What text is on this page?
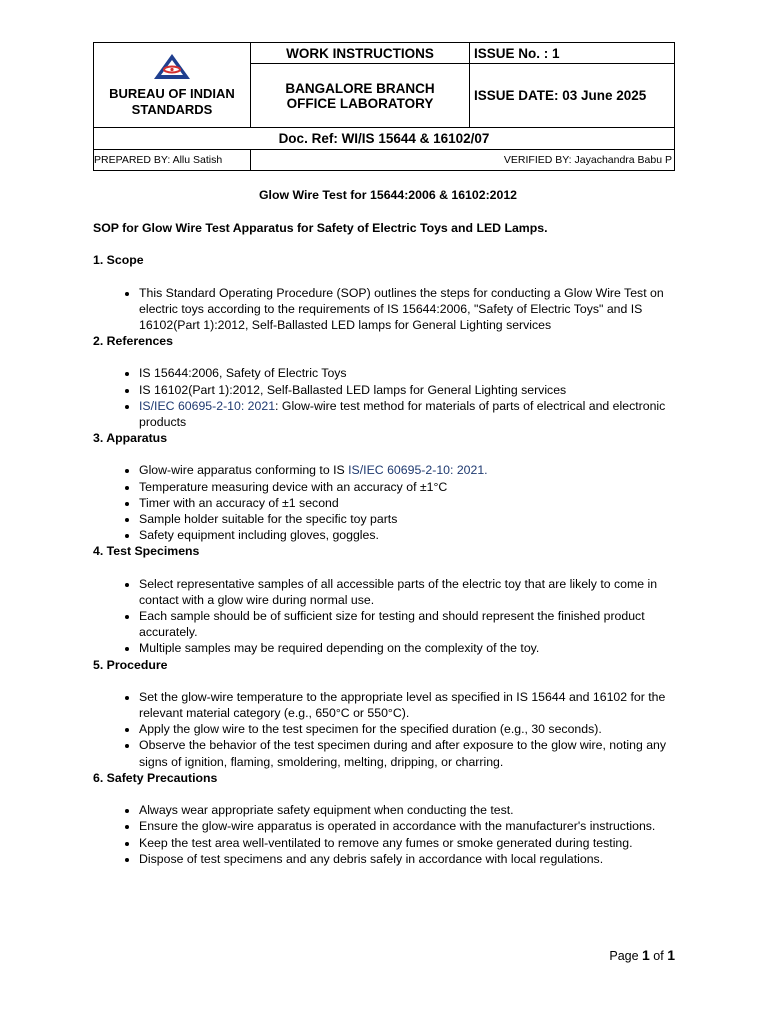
BUREAU OF INDIAN
STANDARDS	WORK INSTRUCTIONS	ISSUE No. : 1

	BANGALORE BRANCH
OFFICE LABORATORY	ISSUE DATE: 03 June 2025
Doc. Ref: WI/IS 15644 & 16102/07		
PREPARED BY: Allu Satish	VERIFIED BY: Jayachandra Babu P	
Glow Wire Test for 15644:2006 & 16102:2012
SOP for Glow Wire Test Apparatus for Safety of Electric Toys and LED Lamps.
1. Scope
• This Standard Operating Procedure (SOP) outlines the steps for conducting a Glow Wire Test on electric toys according to the requirements of IS 15644:2006, "Safety of Electric Toys" and IS 16102(Part 1):2012, Self-Ballasted LED lamps for General Lighting services
2. References
• IS 15644:2006, Safety of Electric Toys
• IS 16102(Part 1):2012, Self-Ballasted LED lamps for General Lighting services
• IS/IEC 60695-2-10: 2021: Glow-wire test method for materials of parts of electrical and electronic products
3. Apparatus
• Glow-wire apparatus conforming to IS IS/IEC 60695-2-10: 2021.
• Temperature measuring device with an accuracy of ±1°C
• Timer with an accuracy of ±1 second
• Sample holder suitable for the specific toy parts
• Safety equipment including gloves, goggles.
4. Test Specimens
• Select representative samples of all accessible parts of the electric toy that are likely to come in contact with a glow wire during normal use.
• Each sample should be of sufficient size for testing and should represent the finished product accurately.
• Multiple samples may be required depending on the complexity of the toy.
5. Procedure
• Set the glow-wire temperature to the appropriate level as specified in IS 15644 and 16102 for the relevant material category (e.g., 650°C or 550°C).
• Apply the glow wire to the test specimen for the specified duration (e.g., 30 seconds).
• Observe the behavior of the test specimen during and after exposure to the glow wire, noting any signs of ignition, flaming, smoldering, melting, dripping, or charring.
6. Safety Precautions
• Always wear appropriate safety equipment when conducting the test.
• Ensure the glow-wire apparatus is operated in accordance with the manufacturer's instructions.
• Keep the test area well-ventilated to remove any fumes or smoke generated during testing.
• Dispose of test specimens and any debris safely in accordance with local regulations.
Page 1 of 1
